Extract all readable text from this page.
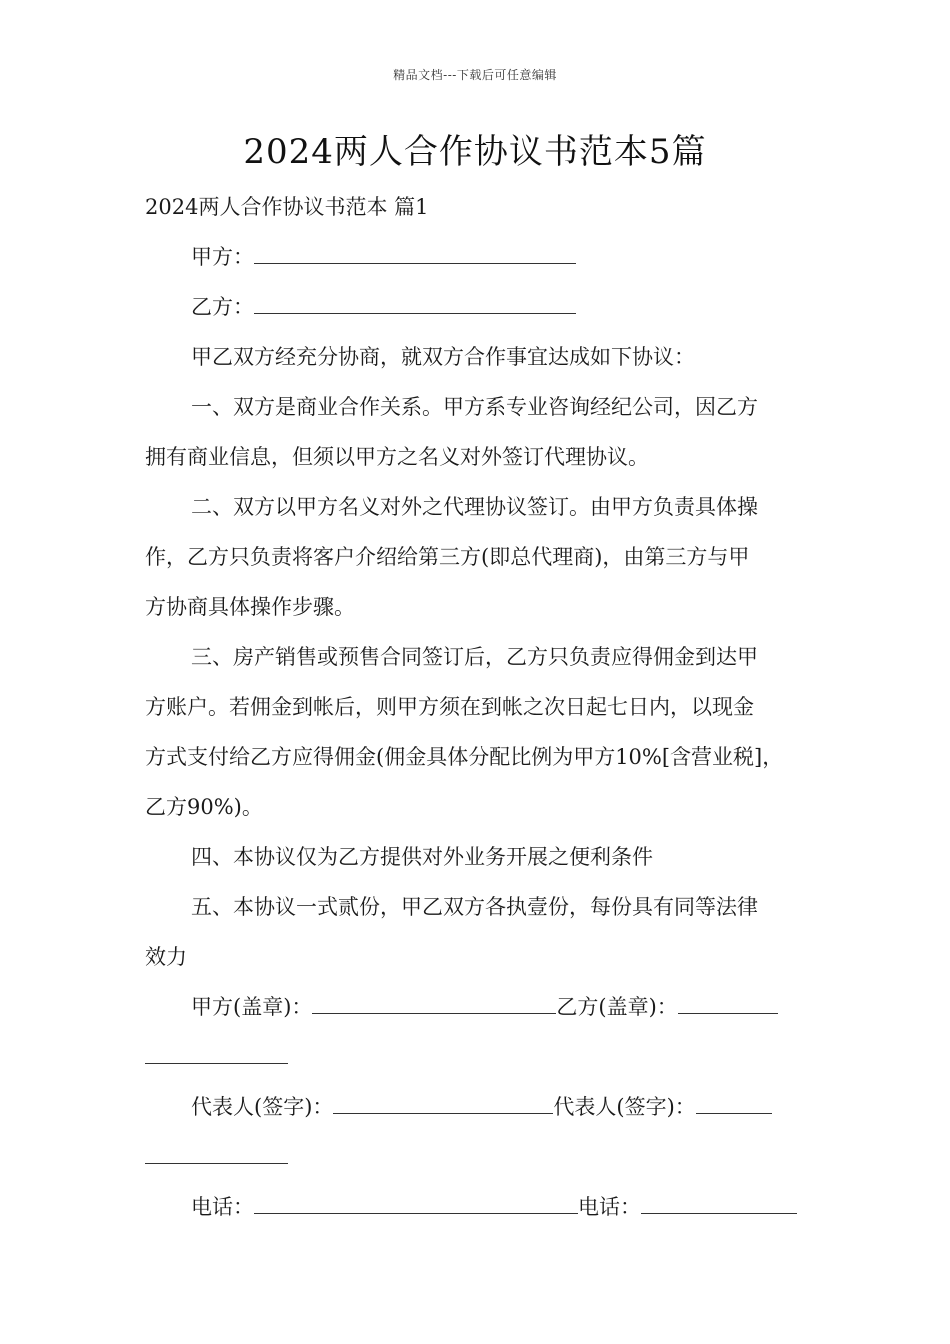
精品文档---下载后可任意编辑
2024两人合作协议书范本5篇
2024两人合作协议书范本 篇1
甲方：
乙方：
甲乙双方经充分协商，就双方合作事宜达成如下协议：
一、双方是商业合作关系。甲方系专业咨询经纪公司，因乙方
拥有商业信息，但须以甲方之名义对外签订代理协议。
二、双方以甲方名义对外之代理协议签订。由甲方负责具体操
作，乙方只负责将客户介绍给第三方(即总代理商)，由第三方与甲
方协商具体操作步骤。
三、房产销售或预售合同签订后，乙方只负责应得佣金到达甲
方账户。若佣金到帐后，则甲方须在到帐之次日起七日内，以现金
方式支付给乙方应得佣金(佣金具体分配比例为甲方10%[含营业税]，
乙方90%)。
四、本协议仅为乙方提供对外业务开展之便利条件
五、本协议一式贰份，甲乙双方各执壹份，每份具有同等法律
效力
甲方(盖章)：	乙方(盖章)：
代表人(签字)：	代表人(签字)：
电话：	电话：
